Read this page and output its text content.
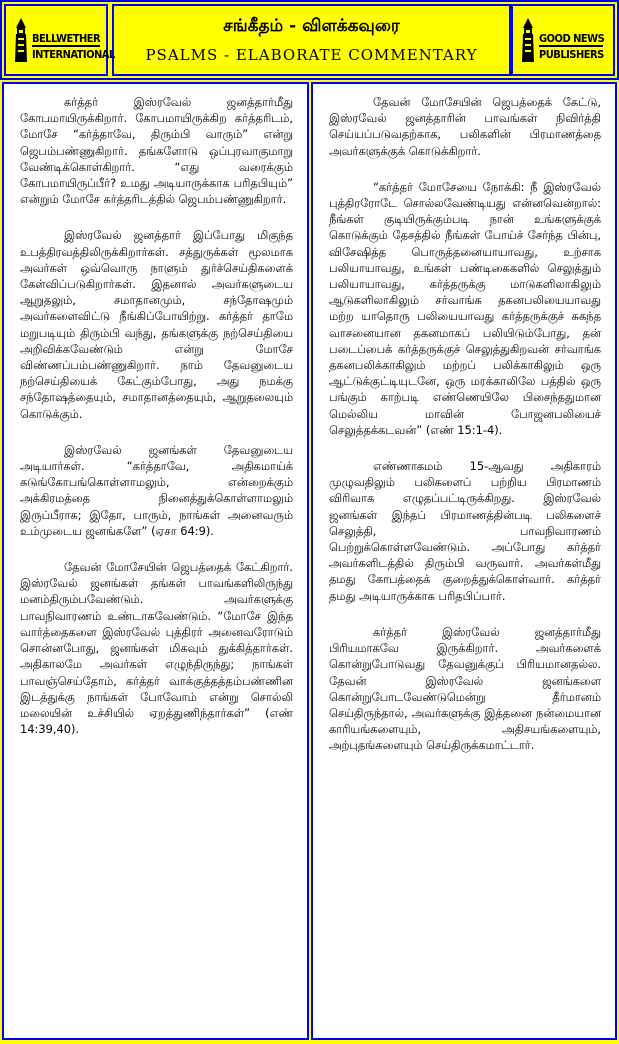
BELLWETHER
INTERNATIONAL
சங்கீதம் - விளக்கவுரை
PSALMS - ELABORATE COMMENTARY
GOOD NEWS
PUBLISHERS

கர்த்தர் இஸ்ரவேல் ஜனத்தார்மீது கோபமாயிருக்கிறார். கோபமாயிருக்கிற கர்த்தரிடம், மோசே “கர்த்தாவே, திரும்பி வாரும்” என்று ஜெபம்பண்ணுகிறார். தங்களோடு ஒப்புரவாகுமாறு வேண்டிக்கொள்கிறார். “எது வரைக்கும் கோபமாயிருப்பீர்? உமது அடியாருக்காக பரிதபியும்” என்றும் மோசே கர்த்தரிடத்தில் ஜெபம்பண்ணுகிறார்.

இஸ்ரவேல் ஜனத்தார் இப்போது மிகுந்த உபத்திரவத்திலிருக்கிறார்கள். சத்துருக்கள் மூலமாக அவர்கள் ஒவ்வொரு நாளும் துர்ச்செய்திகளைக் கேள்விப்படுகிறார்கள். இதனால் அவர்களுடைய ஆறுதலும், சமாதானமும், சந்தோஷமும் அவர்களைவிட்டு நீங்கிப்போயிற்று. கர்த்தர் தாமே மறுபடியும் திரும்பி வந்து, தங்களுக்கு நற்செய்தியை அறிவிக்கவேண்டும் என்று மோசே விண்ணப்பம்பண்ணுகிறார். நாம் தேவனுடைய நற்செய்தியைக் கேட்கும்போது, அது நமக்கு சந்தோஷத்தையும், சமாதானத்தையும், ஆறுதலையும் கொடுக்கும்.

இஸ்ரவேல் ஜனங்கள் தேவனுடைய அடியார்கள். “கர்த்தாவே, அதிகமாய்க் கடுங்கோபங்கொள்ளாமலும், என்றைக்கும் அக்கிரமத்தை நினைத்துக்கொள்ளாமலும் இருப்பீராக; இதோ, பாரும், நாங்கள் அனைவரும் உம்முடைய ஜனங்களே” (ஏசா 64:9).

தேவன் மோசேயின் ஜெபத்தைக் கேட்கிறார். இஸ்ரவேல் ஜனங்கள் தங்கள் பாவங்களிலிருந்து மனம்திரும்பவேண்டும். அவர்களுக்கு பாவநிவாரணம் உண்டாகவேண்டும். “மோசே இந்த வார்த்தைகளை இஸ்ரவேல் புத்திரர் அனைவரோடும் சொன்னபோது, ஜனங்கள் மிகவும் துக்கித்தார்கள். அதிகாலமே அவர்கள் எழுந்திருந்து; நாங்கள் பாவஞ்செய்தோம், கர்த்தர் வாக்குத்தத்தம்பண்ணின இடத்துக்கு நாங்கள் போவோம் என்று சொல்லி மலையின் உச்சியில் ஏறத்துணிந்தார்கள்” (எண் 14:39,40).

தேவன் மோசேயின் ஜெபத்தைக் கேட்டு, இஸ்ரவேல் ஜனத்தாரின் பாவங்கள் நிவிர்த்தி செய்யப்படுவதற்காக, பலிகளின் பிரமாணத்தை அவர்களுக்குக் கொடுக்கிறார்.

“கர்த்தர் மோசேயை நோக்கி: நீ இஸ்ரவேல் புத்திரரோடே சொல்லவேண்டியது என்னவென்றால்: நீங்கள் குடியிருக்கும்படி நான் உங்களுக்குக் கொடுக்கும் தேசத்தில் நீங்கள் போய்ச் சேர்ந்த பின்பு, விசேஷித்த பொருத்தனையாயாவது, உற்சாக பலியாயாவது, உங்கள் பண்டிகைகளில் செலுத்தும் பலியாயாவது, கர்த்தருக்கு மாடுகளிலாகிலும் ஆடுகளிலாகிலும் சர்வாங்க தகனபலியையாவது மற்ற யாதொரு பலியையாவது கர்த்தருக்குச் சுகந்த வாசனையான தகனமாகப் பலியிடும்போது, தன் படைப்பைக் கர்த்தருக்குச் செலுத்துகிறவன் சர்வாங்க தகனபலிக்காகிலும் மற்றப் பலிக்காகிலும் ஒரு ஆட்டுக்குட்டியுடனே, ஒரு மரக்காலிலே பத்தில் ஒரு பங்கும் காற்படி எண்ணெயிலே பிசைந்ததுமான மெல்லிய மாவின் போஜனபலியைச் செலுத்தக்கடவன்” (எண் 15:1-4).

எண்ணாகமம் 15-ஆவது அதிகாரம் முழுவதிலும் பலிகளைப் பற்றிய பிரமாணம் விரிவாக எழுதப்பட்டிருக்கிறது. இஸ்ரவேல் ஜனங்கள் இந்தப் பிரமாணத்தின்படி பலிகளைச் செலுத்தி, பாவநிவாரணம் பெற்றுக்கொள்ளவேண்டும். அப்போது கர்த்தர் அவர்களிடத்தில் திரும்பி வருவார். அவர்கள்மீது தமது கோபத்தைக் குறைத்துக்கொள்வார். கர்த்தர் தமது அடியாருக்காக பரிதபிப்பார்.

கர்த்தர் இஸ்ரவேல் ஜனத்தார்மீது பிரியமாகவே இருக்கிறார். அவர்களைக் கொன்றுபோடுவது தேவனுக்குப் பிரியமானதல்ல. தேவன் இஸ்ரவேல் ஜனங்களை கொன்றுபோடவேண்டுமென்று தீர்மானம் செய்திருந்தால், அவர்களுக்கு இத்தனை நன்மையான காரியங்களையும், அதிசயங்களையும், அற்புதங்களையும் செய்திருக்கமாட்டார்.
